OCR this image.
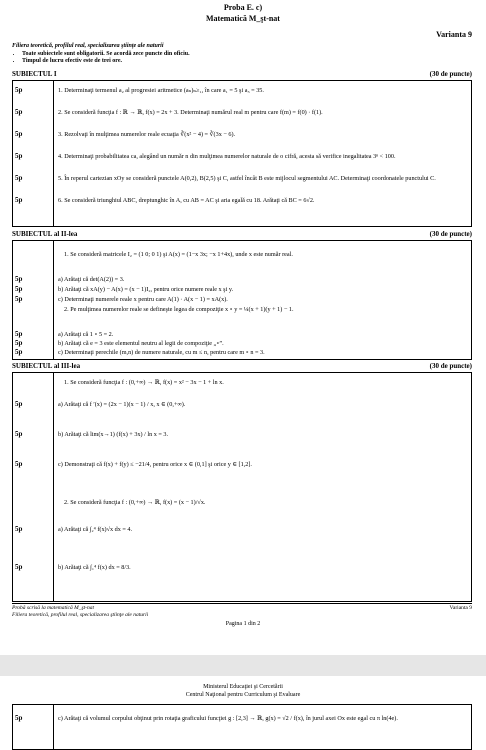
Proba E. c)
Matematică M_şt-nat
Varianta 9
Filiera teoretică, profilul real, specializarea ştiinţe ale naturii
• Toate subiectele sunt obligatorii. Se acordă zece puncte din oficiu.
• Timpul de lucru efectiv este de trei ore.
SUBIECTUL I	(30 de puncte)
5p	1. Determinaţi termenul a₂ al progresiei aritmetice (aₙ)ₙ≥₁, în care a₁ = 5 şi a₃ = 35.
5p	2. Se consideră funcţia f : ℝ → ℝ, f(x) = 2x + 3. Determinaţi numărul real m pentru care f(m) = f(0) · f(1).
5p	3. Rezolvaţi în mulţimea numerelor reale ecuaţia ∛(x² − 4) = ∛(3x − 6).
5p	4. Determinaţi probabilitatea ca, alegând un număr n din mulţimea numerelor naturale de o cifră, acesta să verifice inegalitatea 3ⁿ < 100.
5p	5. În reperul cartezian xOy se consideră punctele A(0,2), B(2,5) şi C, astfel încât B este mijlocul segmentului AC. Determinaţi coordonatele punctului C.
5p	6. Se consideră triunghiul ABC, dreptunghic în A, cu AB = AC şi aria egală cu 18. Arătaţi că BC = 6√2.
SUBIECTUL al II-lea	(30 de puncte)
1. Se consideră matricele I₂ = (1 0; 0 1) şi A(x) = (1−x 3x; −x 1+4x), unde x este număr real.
5p	a) Arătaţi că det(A(2)) = 3.
5p	b) Arătaţi că xA(y) − A(x) = (x − 1)I₂, pentru orice numere reale x şi y.
5p	c) Determinaţi numerele reale x pentru care A(1) · A(x − 1) = xA(x).
2. Pe mulţimea numerelor reale se defineşte legea de compoziţie x ∘ y = ¼(x + 1)(y + 1) − 1.
5p	a) Arătaţi că 1 ∘ 5 = 2.
5p	b) Arătaţi că e = 3 este elementul neutru al legii de compoziţie „∘”.
5p	c) Determinaţi perechile (m,n) de numere naturale, cu m ≤ n, pentru care m ∘ n = 3.
SUBIECTUL al III-lea	(30 de puncte)
1. Se consideră funcţia f : (0,+∞) → ℝ, f(x) = x² − 3x − 1 + ln x.
5p	a) Arătaţi că f ′(x) = (2x − 1)(x − 1) / x, x ∈ (0,+∞).
5p	b) Arătaţi că lim(x→1) (f(x) + 3x) / ln x = 3.
5p	c) Demonstraţi că f(x) + f(y) ≤ −21/4, pentru orice x ∈ (0,1] şi orice y ∈ [1,2].
2. Se consideră funcţia f : (0,+∞) → ℝ, f(x) = (x − 1)/√x.
5p	a) Arătaţi că ∫₂⁴ f(x)√x dx = 4.
5p	b) Arătaţi că ∫₁⁴ f(x) dx = 8/3.
Probă scrisă la matematică M_şt-nat
Filiera teoretică, profilul real, specializarea ştiinţe ale naturii
Varianta 9
Pagina 1 din 2
Ministerul Educaţiei şi Cercetării
Centrul Naţional pentru Curriculum şi Evaluare
5p	c) Arătaţi că volumul corpului obţinut prin rotaţia graficului funcţiei g : [2,3] → ℝ, g(x) = √2 / f(x), în jurul axei Ox este egal cu π ln(4e).
